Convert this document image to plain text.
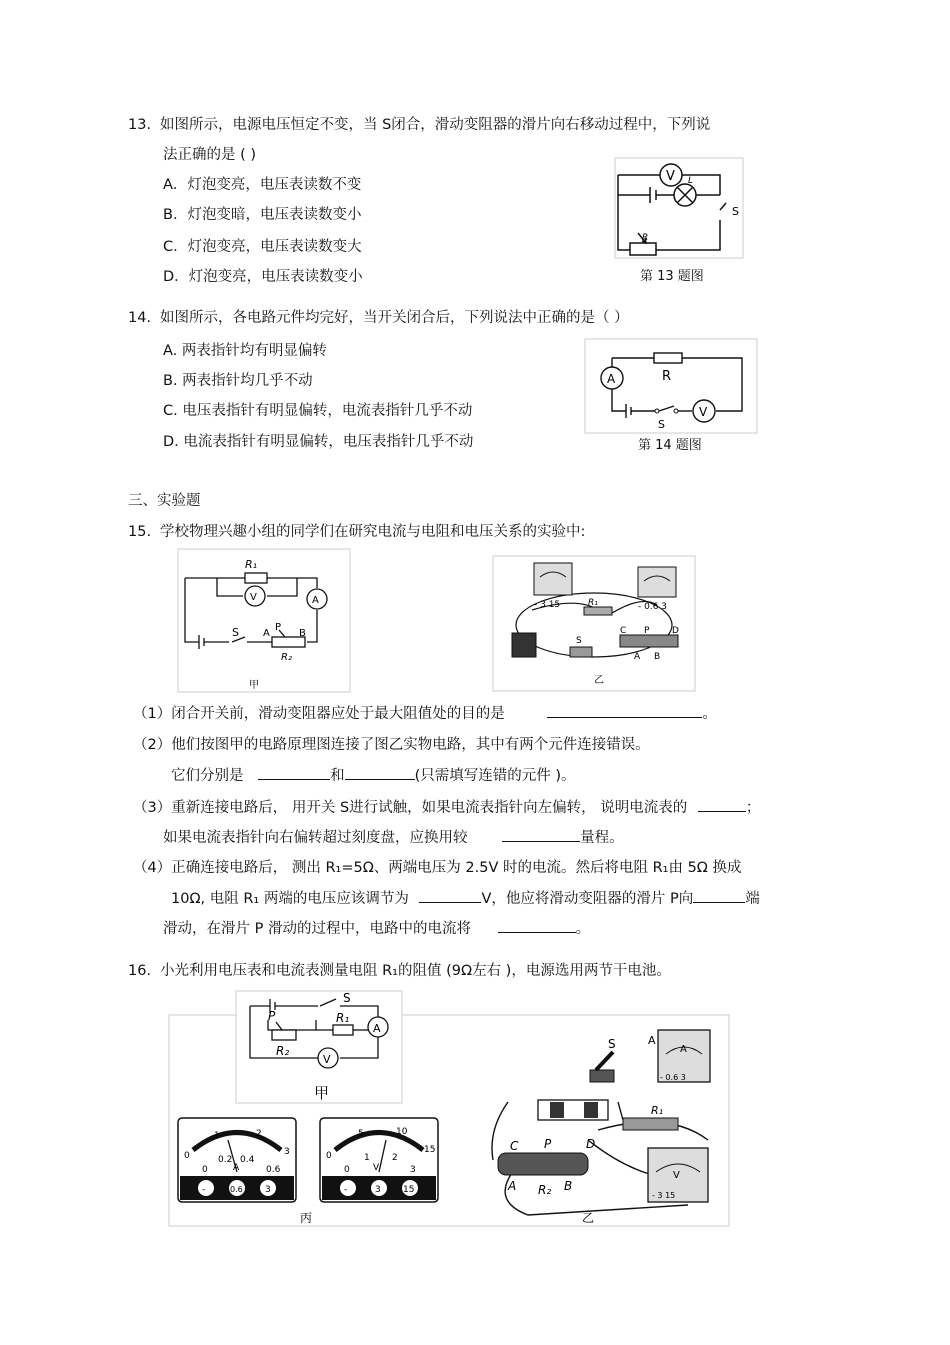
13. 如图所示，电源电压恒定不变，当 S闭合，滑动变阻器的滑片向右移动过程中，下列说
法正确的是 ( )
A．灯泡变亮，电压表读数不变
B．灯泡变暗，电压表读数变小
C．灯泡变亮，电压表读数变大
D．灯泡变亮，电压表读数变小
V L
S
R
第 13 题图
14. 如图所示，各电路元件均完好，当开关闭合后，下列说法中正确的是（ ）
A. 两表指针均有明显偏转
B. 两表指针均几乎不动
C. 电压表指针有明显偏转，电流表指针几乎不动
D. 电流表指针有明显偏转，电压表指针几乎不动
A	R
S
V
第 14 题图
三、实验题
15. 学校物理兴趣小组的同学们在研究电流与电阻和电压关系的实验中:
R₁
V	A
S A
P
B
R₂
甲
- 3 15	- 0.6 3
R₁
S
C P	D
A B
乙
（1）闭合开关前，滑动变阻器应处于最大阻值处的目的是	。
（2）他们按图甲的电路原理图连接了图乙实物电路，其中有两个元件连接错误。
它们分别是	和	(只需填写连错的元件 )。
（3）重新连接电路后， 用开关 S进行试触，如果电流表指针向左偏转， 说明电流表的	；
如果电流表指针向右偏转超过刻度盘，应换用较	量程。
（4）正确连接电路后， 测出 R₁=5Ω、两端电压为 2.5V 时的电流。然后将电阻 R₁由 5Ω 换成
10Ω, 电阻 R₁ 两端的电压应该调节为	V，他应将滑动变阻器的滑片 P向	端
滑动，在滑片 P 滑动的过程中，电路中的电流将	。
16. 小光利用电压表和电流表测量电阻 R₁的阻值 (9Ω左右 )，电源选用两节干电池。
S
P	R₁
A
R₂
V
甲
0
1	2
3
0
0.2 0.4
0.6
A
-	0.6 3
0
5	10
15
0
1 2
3
V
-	3 15
丙
S	A
A
- 0.6 3
R₁
C P	D
A R₂ B
V
- 3 15
乙
